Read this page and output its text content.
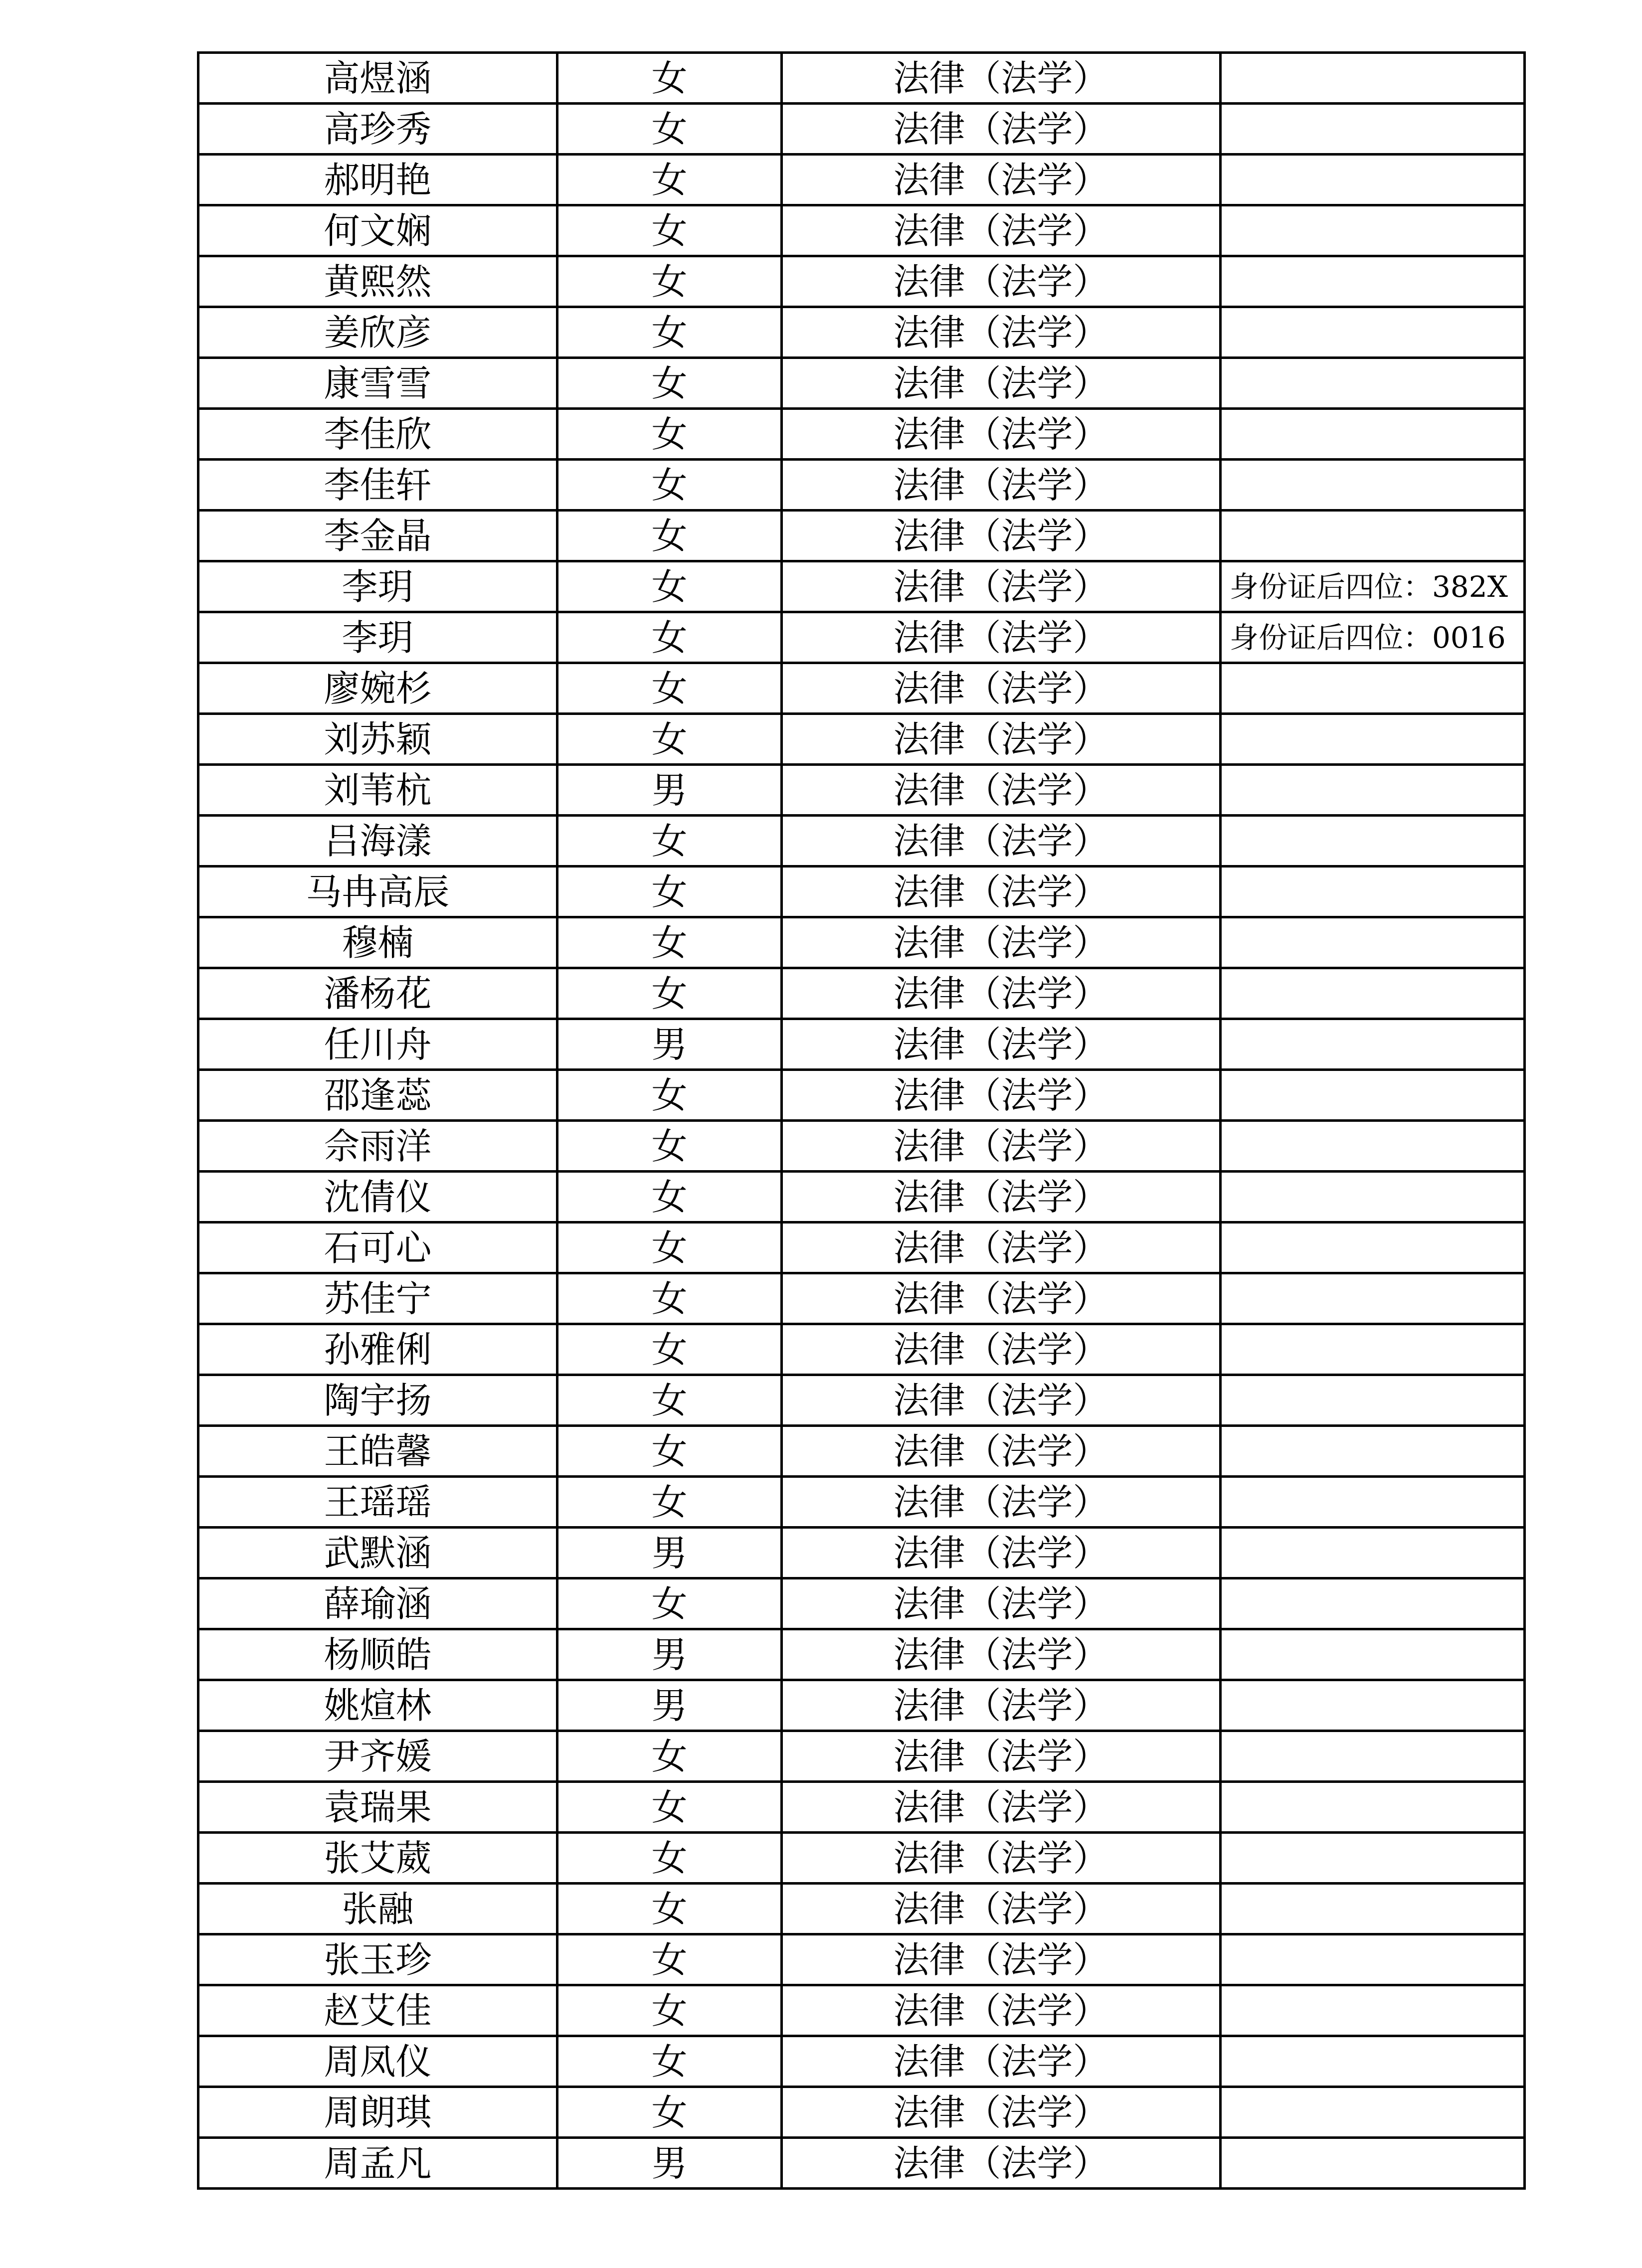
高煜涵	女	法律（法学）	
高珍秀	女	法律（法学）	
郝明艳	女	法律（法学）	
何文娴	女	法律（法学）	
黄熙然	女	法律（法学）	
姜欣彦	女	法律（法学）	
康雪雪	女	法律（法学）	
李佳欣	女	法律（法学）	
李佳轩	女	法律（法学）	
李金晶	女	法律（法学）	
李玥	女	法律（法学）	身份证后四位：382X
李玥	女	法律（法学）	身份证后四位：0016
廖婉杉	女	法律（法学）	
刘苏颖	女	法律（法学）	
刘苇杭	男	法律（法学）	
吕海漾	女	法律（法学）	
马冉高辰	女	法律（法学）	
穆楠	女	法律（法学）	
潘杨花	女	法律（法学）	
任川舟	男	法律（法学）	
邵逢蕊	女	法律（法学）	
佘雨洋	女	法律（法学）	
沈倩仪	女	法律（法学）	
石可心	女	法律（法学）	
苏佳宁	女	法律（法学）	
孙雅俐	女	法律（法学）	
陶宇扬	女	法律（法学）	
王皓馨	女	法律（法学）	
王瑶瑶	女	法律（法学）	
武默涵	男	法律（法学）	
薛瑜涵	女	法律（法学）	
杨顺皓	男	法律（法学）	
姚煊林	男	法律（法学）	
尹齐媛	女	法律（法学）	
袁瑞果	女	法律（法学）	
张艾葳	女	法律（法学）	
张融	女	法律（法学）	
张玉珍	女	法律（法学）	
赵艾佳	女	法律（法学）	
周凤仪	女	法律（法学）	
周朗琪	女	法律（法学）	
周孟凡	男	法律（法学）	
